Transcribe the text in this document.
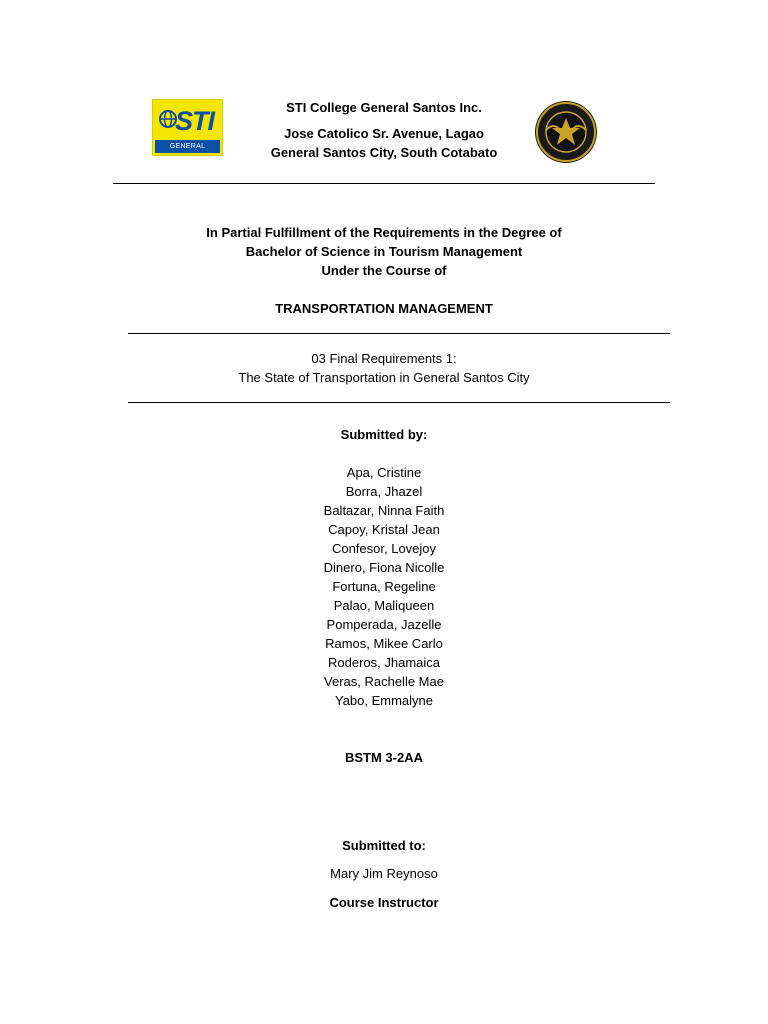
STI
GENERAL SANTOS
STI College General Santos Inc.
Jose Catolico Sr. Avenue, Lagao
General Santos City, South Cotabato
In Partial Fulfillment of the Requirements in the Degree of
Bachelor of Science in Tourism Management
Under the Course of
TRANSPORTATION MANAGEMENT
03 Final Requirements 1:
The State of Transportation in General Santos City
Submitted by:
Apa, Cristine
Borra, Jhazel
Baltazar, Ninna Faith
Capoy, Kristal Jean
Confesor, Lovejoy
Dinero, Fiona Nicolle
Fortuna, Regeline
Palao, Maliqueen
Pomperada, Jazelle
Ramos, Mikee Carlo
Roderos, Jhamaica
Veras, Rachelle Mae
Yabo, Emmalyne
BSTM 3-2AA
Submitted to:
Mary Jim Reynoso
Course Instructor
